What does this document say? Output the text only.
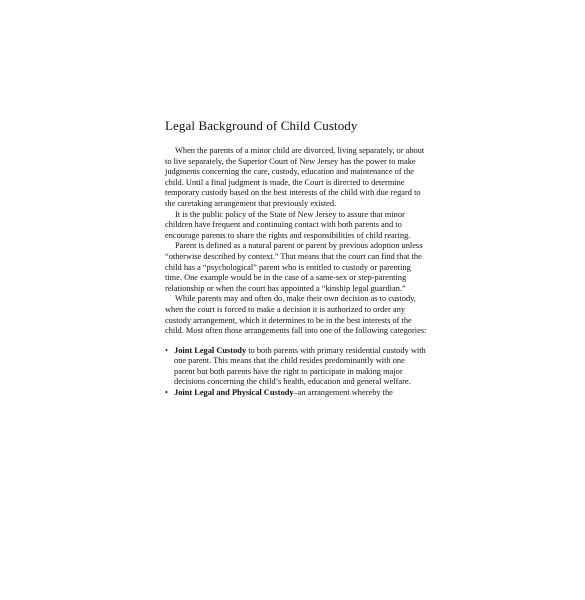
Legal Background of Child Custody

When the parents of a minor child are divorced, living separately, or about to live separately, the Superior Court of New Jersey has the power to make judgments concerning the care, custody, education and maintenance of the child. Until a final judgment is made, the Court is directed to determine temporary custody based on the best interests of the child with due regard to the caretaking arrangement that previously existed.

It is the public policy of the State of New Jersey to assure that minor children have frequent and continuing contact with both parents and to encourage parents to share the rights and responsibilities of child rearing.

Parent is defined as a natural parent or parent by previous adoption unless “otherwise described by context.” That means that the court can find that the child has a “psychological” parent who is entitled to custody or parenting time. One example would be in the case of a same-sex or step-parenting relationship or when the court has appointed a “kinship legal guardian.”

While parents may and often do, make their own decision as to custody, when the court is forced to make a decision it is authorized to order any custody arrangement, which it determines to be in the best interests of the child. Most often those arrangements fall into one of the following categories:

• Joint Legal Custody to both parents with primary residential custody with one parent. This means that the child resides predominantly with one parent but both parents have the right to participate in making major decisions concerning the child’s health, education and general welfare.
• Joint Legal and Physical Custody–an arrangement whereby the
